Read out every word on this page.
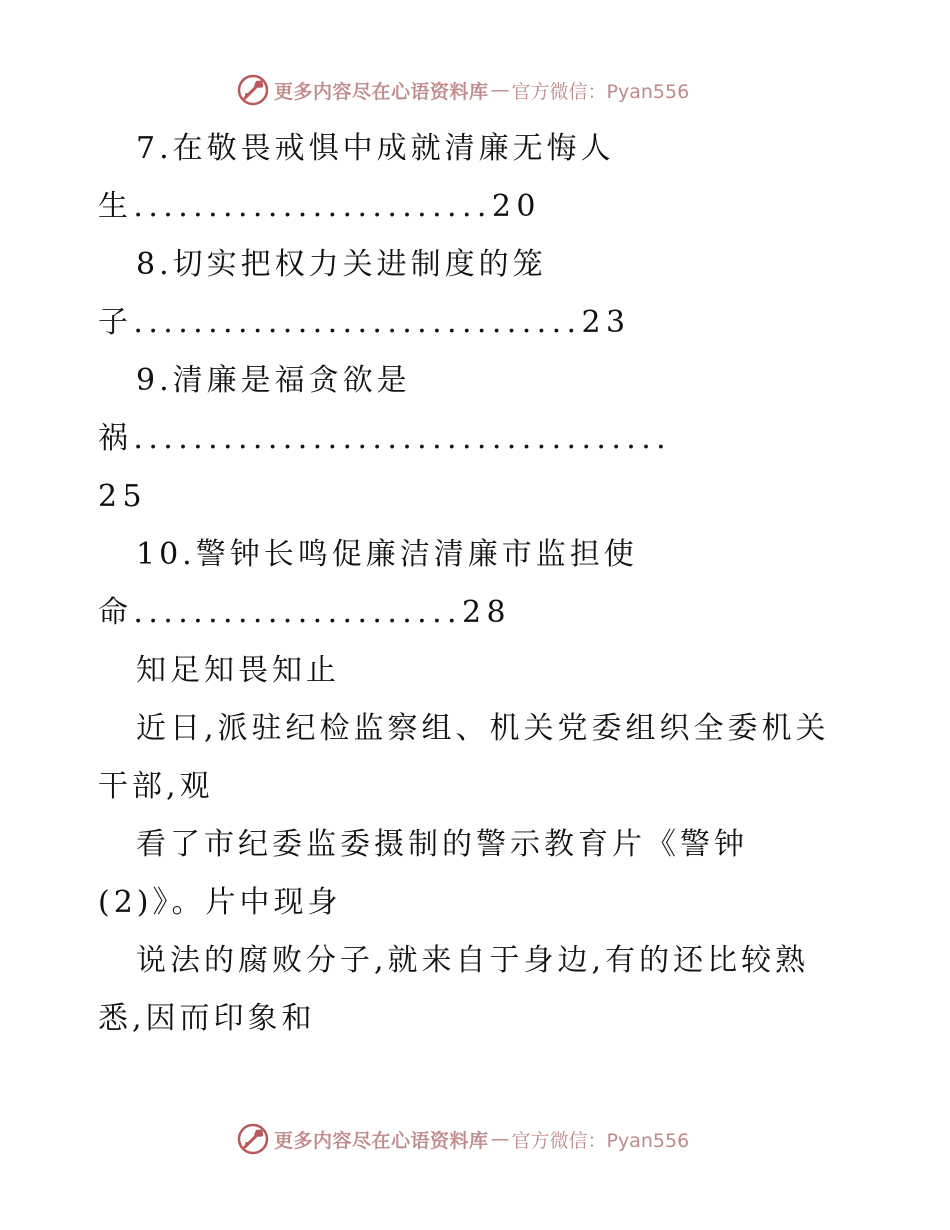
更多内容尽在心语资料库 — 官方微信：Pyan556
7.在敬畏戒惧中成就清廉无悔人
生........................20
8.切实把权力关进制度的笼
子..............................23
9.清廉是福贪欲是
祸....................................
25
10.警钟长鸣促廉洁清廉市监担使
命......................28
知足知畏知止
近日,派驻纪检监察组、机关党委组织全委机关
干部,观
看了市纪委监委摄制的警示教育片《警钟
(2)》。片中现身
说法的腐败分子,就来自于身边,有的还比较熟
悉,因而印象和
更多内容尽在心语资料库 — 官方微信：Pyan556
